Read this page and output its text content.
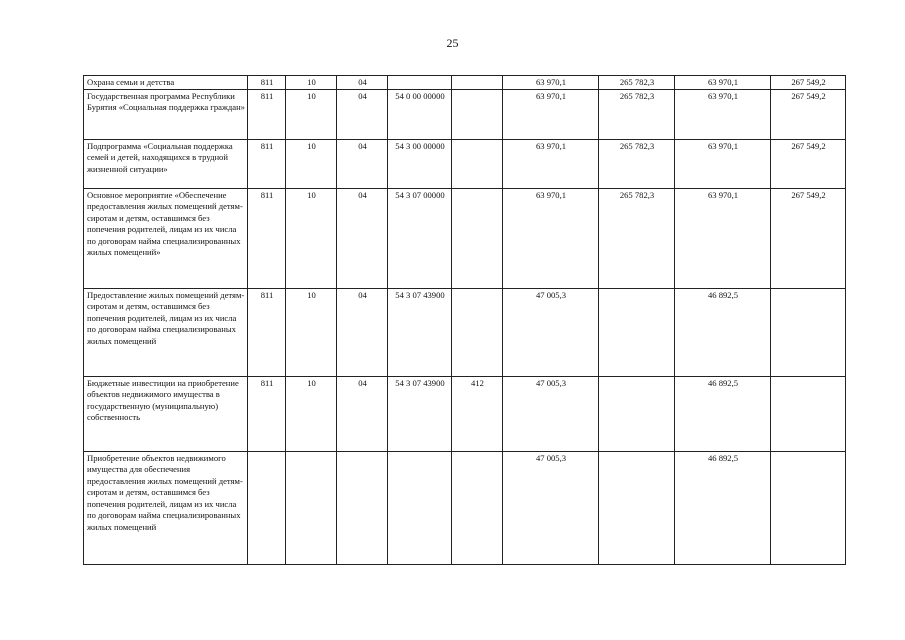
25
Охрана семьи и детства	811	10	04			63 970,1	265 782,3	63 970,1	267 549,2
Государственная программа Республики Бурятия «Социальная поддержка граждан»	811	10	04	54 0 00 00000		63 970,1	265 782,3	63 970,1	267 549,2
Подпрограмма «Социальная поддержка семей и детей, находящихся в трудной жизненной ситуации»	811	10	04	54 3 00 00000		63 970,1	265 782,3	63 970,1	267 549,2
Основное мероприятие «Обеспечение предоставления жилых помещений детям-сиротам и детям, оставшимся без попечения родителей, лицам из их числа по договорам найма специализированных жилых помещений»	811	10	04	54 3 07 00000		63 970,1	265 782,3	63 970,1	267 549,2
Предоставление жилых помещений детям-сиротам и детям, оставшимся без попечения родителей, лицам из их числа по договорам найма специализированых жилых помещений	811	10	04	54 3 07 43900		47 005,3		46 892,5	
Бюджетные инвестиции на приобретение объектов недвижимого имущества в государственную (муниципальную) собственность	811	10	04	54 3 07 43900	412	47 005,3		46 892,5	
Приобретение объектов недвижимого имущества для обеспечения предоставления жилых помещений детям-сиротам и детям, оставшимся без попечения родителей, лицам из их числа по договорам найма специализированных жилых помещений						47 005,3		46 892,5	
